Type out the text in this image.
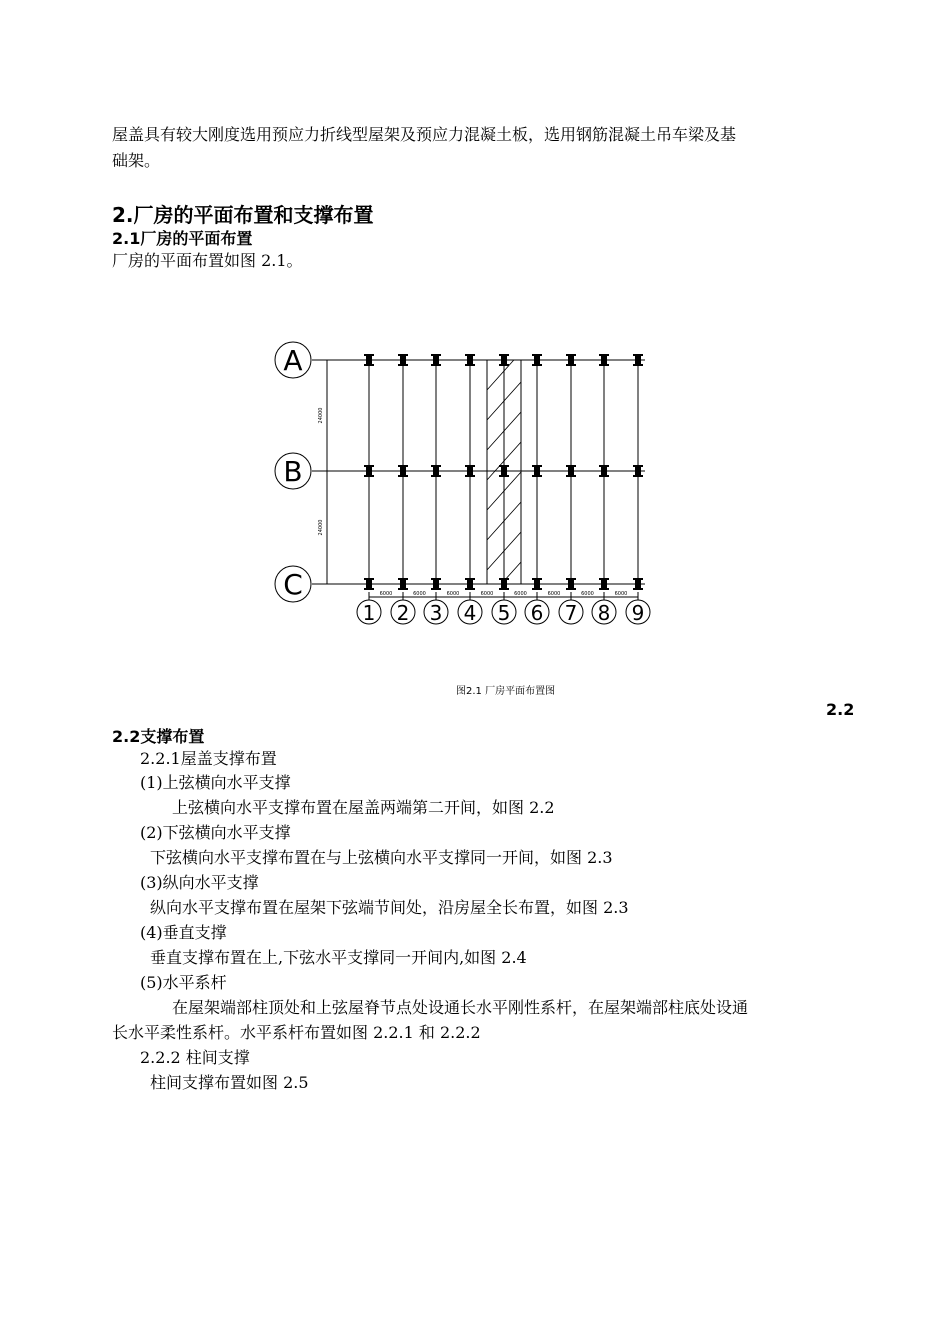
屋盖具有较大刚度选用预应力折线型屋架及预应力混凝土板，选用钢筋混凝土吊车梁及基
础架。
2.厂房的平面布置和支撑布置
2.1厂房的平面布置
厂房的平面布置如图 2.1。
1 2 3 4 5 6 7 8 9
A
B
C
24000
24000
6000	6000	6000	6000	6000	6000	6000	6000
图2.1 厂房平面布置图
2.2
2.2支撑布置
2.2.1屋盖支撑布置
(1)上弦横向水平支撑
上弦横向水平支撑布置在屋盖两端第二开间，如图 2.2
(2)下弦横向水平支撑
下弦横向水平支撑布置在与上弦横向水平支撑同一开间，如图 2.3
(3)纵向水平支撑
纵向水平支撑布置在屋架下弦端节间处，沿房屋全长布置，如图 2.3
(4)垂直支撑
垂直支撑布置在上,下弦水平支撑同一开间内,如图 2.4
(5)水平系杆
在屋架端部柱顶处和上弦屋脊节点处设通长水平刚性系杆，在屋架端部柱底处设通
长水平柔性系杆。水平系杆布置如图 2.2.1 和 2.2.2
2.2.2 柱间支撑
柱间支撑布置如图 2.5
